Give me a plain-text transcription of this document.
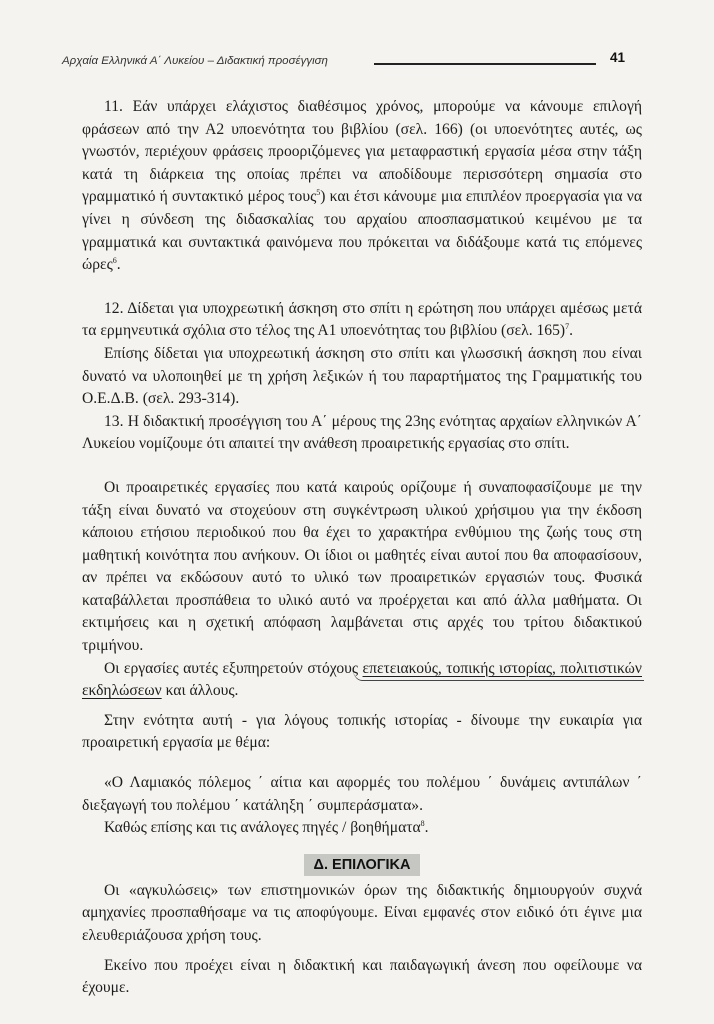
Αρχαία Ελληνικά Α΄ Λυκείου – Διδακτική προσέγγιση	41

11. Εάν υπάρχει ελάχιστος διαθέσιμος χρόνος, μπορούμε να κάνουμε επιλογή φράσεων από την Α2 υποενότητα του βιβλίου (σελ. 166) (οι υποενότητες αυτές, ως γνωστόν, περιέχουν φράσεις προοριζόμενες για μεταφραστική εργασία μέσα στην τάξη κατά τη διάρκεια της οποίας πρέπει να αποδίδουμε περισσότερη σημασία στο γραμματικό ή συντακτικό μέρος τους$^5$) και έτσι κάνουμε μια επιπλέον προεργασία για να γίνει η σύνδεση της διδασκαλίας του αρχαίου αποσπασματικού κειμένου με τα γραμματικά και συντακτικά φαινόμενα που πρόκειται να διδάξουμε κατά τις επόμενες ώρες$^6$.

12. Δίδεται για υποχρεωτική άσκηση στο σπίτι η ερώτηση που υπάρχει αμέσως μετά τα ερμηνευτικά σχόλια στο τέλος της Α1 υποενότητας του βιβλίου (σελ. 165)$^7$.

Επίσης δίδεται για υποχρεωτική άσκηση στο σπίτι και γλωσσική άσκηση που είναι δυνατό να υλοποιηθεί με τη χρήση λεξικών ή του παραρτήματος της Γραμματικής του Ο.Ε.Δ.Β. (σελ. 293-314).

13. Η διδακτική προσέγγιση του Α΄ μέρους της 23ης ενότητας αρχαίων ελληνικών Α΄ Λυκείου νομίζουμε ότι απαιτεί την ανάθεση προαιρετικής εργασίας στο σπίτι.

Οι προαιρετικές εργασίες που κατά καιρούς ορίζουμε ή συναποφασίζουμε με την τάξη είναι δυνατό να στοχεύουν στη συγκέντρωση υλικού χρήσιμου για την έκδοση κάποιου ετήσιου περιοδικού που θα έχει το χαρακτήρα ενθύμιου της ζωής τους στη μαθητική κοινότητα που ανήκουν. Οι ίδιοι οι μαθητές είναι αυτοί που θα αποφασίσουν, αν πρέπει να εκδώσουν αυτό το υλικό των προαιρετικών εργασιών τους. Φυσικά καταβάλλεται προσπάθεια το υλικό αυτό να προέρχεται και από άλλα μαθήματα. Οι εκτιμήσεις και η σχετική απόφαση λαμβάνεται στις αρχές του τρίτου διδακτικού τριμήνου.

Οι εργασίες αυτές εξυπηρετούν στόχους επετειακούς, τοπικής ιστορίας, πολιτιστικών εκδηλώσεων και άλλους.

Στην ενότητα αυτή - για λόγους τοπικής ιστορίας - δίνουμε την ευκαιρία για προαιρετική εργασία με θέμα:

«Ο Λαμιακός πόλεμος ΄ αίτια και αφορμές του πολέμου ΄ δυνάμεις αντιπάλων ΄ διεξαγωγή του πολέμου ΄ κατάληξη ΄ συμπεράσματα».

Καθώς επίσης και τις ανάλογες πηγές / βοηθήματα$^8$.

Δ. ΕΠΙΛΟΓΙΚΑ

Οι «αγκυλώσεις» των επιστημονικών όρων της διδακτικής δημιουργούν συχνά αμηχανίες προσπαθήσαμε να τις αποφύγουμε. Είναι εμφανές στον ειδικό ότι έγινε μια ελευθεριάζουσα χρήση τους.

Εκείνο που προέχει είναι η διδακτική και παιδαγωγική άνεση που οφείλουμε να έχουμε.
